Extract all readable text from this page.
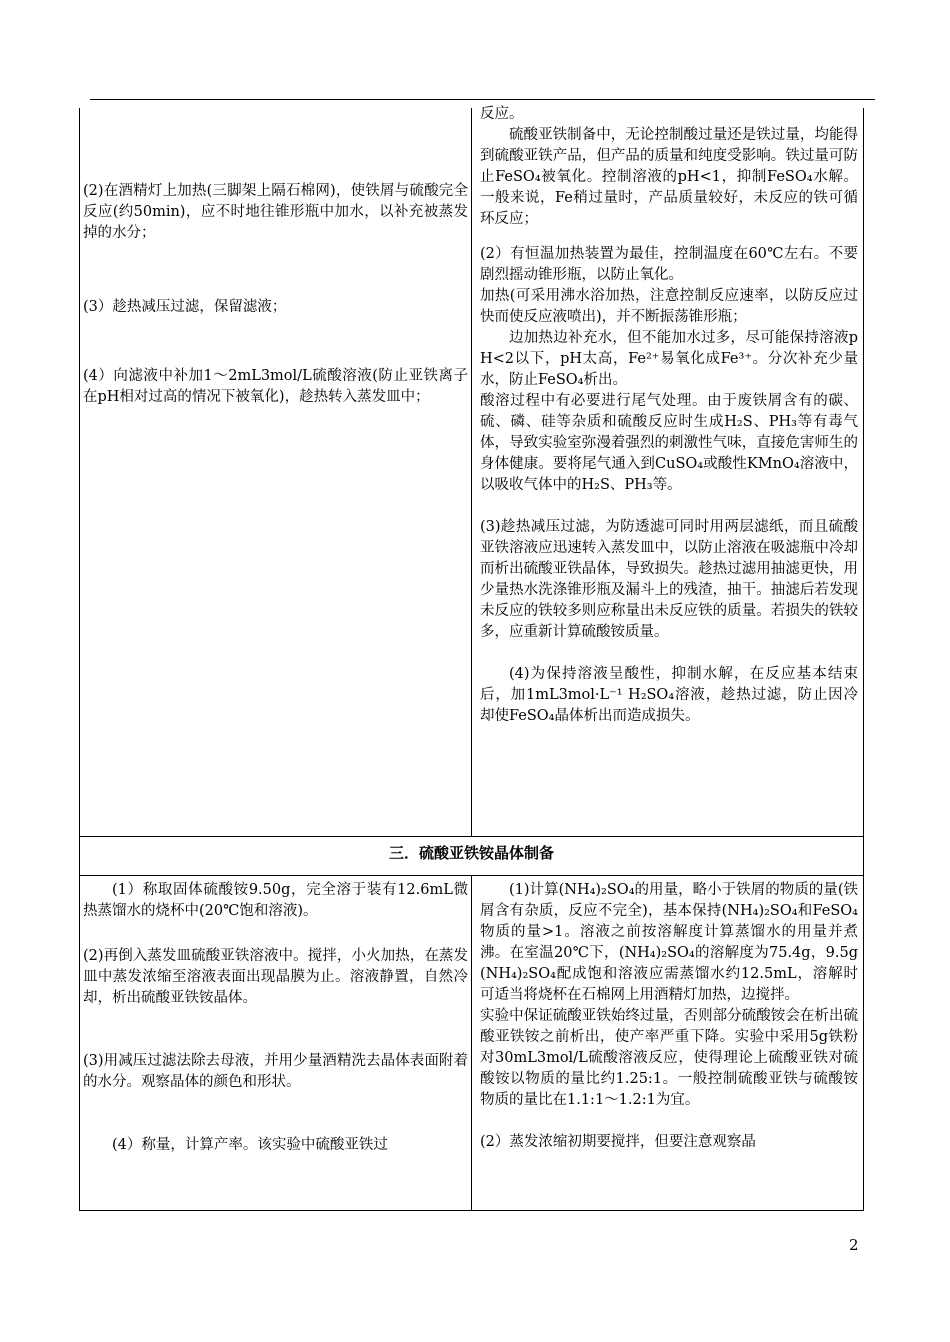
(2)在酒精灯上加热(三脚架上隔石棉网)，使铁屑与硫酸完全反应(约50min)，应不时地往锥形瓶中加水，以补充被蒸发掉的水分；

(3）趁热减压过滤，保留滤液；

(4）向滤液中补加1～2mL3mol/L硫酸溶液(防止亚铁离子在pH相对过高的情况下被氧化)，趁热转入蒸发皿中；

反应。

硫酸亚铁制备中，无论控制酸过量还是铁过量，均能得到硫酸亚铁产品，但产品的质量和纯度受影响。铁过量可防止FeSO₄被氧化。控制溶液的pH<1，抑制FeSO₄水解。一般来说，Fe稍过量时，产品质量较好，未反应的铁可循环反应；

(2）有恒温加热装置为最佳，控制温度在60℃左右。不要剧烈摇动锥形瓶，以防止氧化。

加热(可采用沸水浴加热，注意控制反应速率，以防反应过快而使反应液喷出)，并不断振荡锥形瓶；

边加热边补充水，但不能加水过多，尽可能保持溶液pH<2以下，pH太高，Fe²⁺易氧化成Fe³⁺。分次补充少量水，防止FeSO₄析出。

酸溶过程中有必要进行尾气处理。由于废铁屑含有的碳、硫、磷、硅等杂质和硫酸反应时生成H₂S、PH₃等有毒气体，导致实验室弥漫着强烈的刺激性气味，直接危害师生的身体健康。要将尾气通入到CuSO₄或酸性KMnO₄溶液中，以吸收气体中的H₂S、PH₃等。

(3)趁热减压过滤，为防透滤可同时用两层滤纸，而且硫酸亚铁溶液应迅速转入蒸发皿中，以防止溶液在吸滤瓶中冷却而析出硫酸亚铁晶体，导致损失。趁热过滤用抽滤更快，用少量热水洗涤锥形瓶及漏斗上的残渣，抽干。抽滤后若发现未反应的铁较多则应称量出未反应铁的质量。若损失的铁较多，应重新计算硫酸铵质量。

(4)为保持溶液呈酸性，抑制水解，在反应基本结束后，加1mL3mol·L⁻¹ H₂SO₄溶液，趁热过滤，防止因冷却使FeSO₄晶体析出而造成损失。

三．硫酸亚铁铵晶体制备

(1）称取固体硫酸铵9.50g，完全溶于装有12.6mL微热蒸馏水的烧杯中(20℃饱和溶液)。

(2)再倒入蒸发皿硫酸亚铁溶液中。搅拌，小火加热，在蒸发皿中蒸发浓缩至溶液表面出现晶膜为止。溶液静置，自然冷却，析出硫酸亚铁铵晶体。

(3)用减压过滤法除去母液，并用少量酒精洗去晶体表面附着的水分。观察晶体的颜色和形状。

(4）称量，计算产率。该实验中硫酸亚铁过

(1)计算(NH₄)₂SO₄的用量，略小于铁屑的物质的量(铁屑含有杂质，反应不完全)，基本保持(NH₄)₂SO₄和FeSO₄物质的量>1。溶液之前按溶解度计算蒸馏水的用量并煮沸。在室温20℃下，(NH₄)₂SO₄的溶解度为75.4g，9.5g(NH₄)₂SO₄配成饱和溶液应需蒸馏水约12.5mL，溶解时可适当将烧杯在石棉网上用酒精灯加热，边搅拌。

实验中保证硫酸亚铁始终过量，否则部分硫酸铵会在析出硫酸亚铁铵之前析出，使产率严重下降。实验中采用5g铁粉对30mL3mol/L硫酸溶液反应，使得理论上硫酸亚铁对硫酸铵以物质的量比约1.25:1。一般控制硫酸亚铁与硫酸铵物质的量比在1.1:1～1.2:1为宜。

(2）蒸发浓缩初期要搅拌，但要注意观察晶

2
